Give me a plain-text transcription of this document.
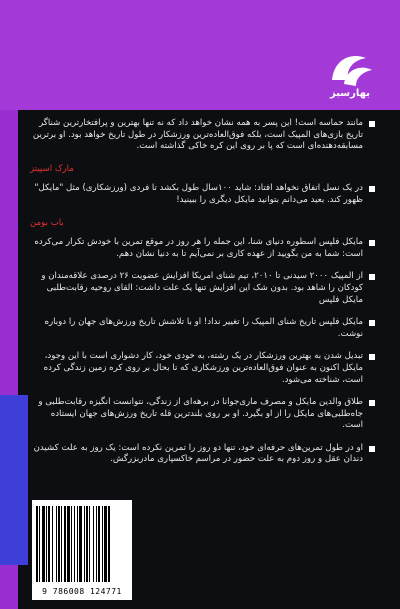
بهارسبز
مانند حماسه است! این پسر به همه نشان خواهد داد که نه تنها بهترین و پرافتخارترین شناگر تاریخ بازی‌های المپیک است، بلکه فوق‌العاده‌ترین ورزشکار در طول تاریخ خواهد بود. او برترین مسابقه‌دهنده‌ای است که پا بر روی این کره خاکی گذاشته است.
مارک اسپیتز
در یک نسل اتفاق نخواهد افتاد: شاید ۱۰۰سال طول بکشد تا فردی (ورزشکاری) مثل "مایکل" ظهور کند. بعید می‌دانم بتوانید مایکل دیگری را ببینید!
باب بومن
مایکل فلپس اسطوره دنیای شنا، این جمله را هر روز در موقع تمرین با خودش تکرار می‌کرده است: شما به من بگویید از عهده کاری بر نمی‌آیم تا به دنیا نشان دهم.
از المپیک ۲۰۰۰ سیدنی تا ۲۰۱۰، تیم شنای امریکا افزایش عضویت ۲۶ درصدی علاقه‌مندان و کودکان را شاهد بود. بدون شک این افزایش تنها یک علت داشت: القای روحیه رقابت‌طلبی مایکل فلپس
مایکل فلپس تاریخ شنای المپیک را تغییر نداد! او با تلاشش تاریخ ورزش‌های جهان را دوباره نوشت.
تبدیل شدن به بهترین ورزشکار در یک رشته، به خودی خود، کار دشواری است با این وجود، مایکل اکنون به عنوان فوق‌العاده‌ترین ورزشکاری که تا بحال بر روی کره زمین زندگی کرده است، شناخته می‌شود.
طلاق والدین مایکل و مصرف ماری‌جوانا در برهه‌ای از زندگی، نتوانست انگیزه رقابت‌طلبی و جاه‌طلبی‌های مایکل را از او بگیرد. او بر روی بلندترین قله تاریخ ورزش‌های جهان ایستاده است.
او در طول تمرین‌های حرفه‌ای خود، تنها دو روز را تمرین نکرده است: یک روز به علت کشیدن دندان عقل و روز دوم به علت حضور در مراسم خاکسپاری مادربزرگش.
9 786008 124771
